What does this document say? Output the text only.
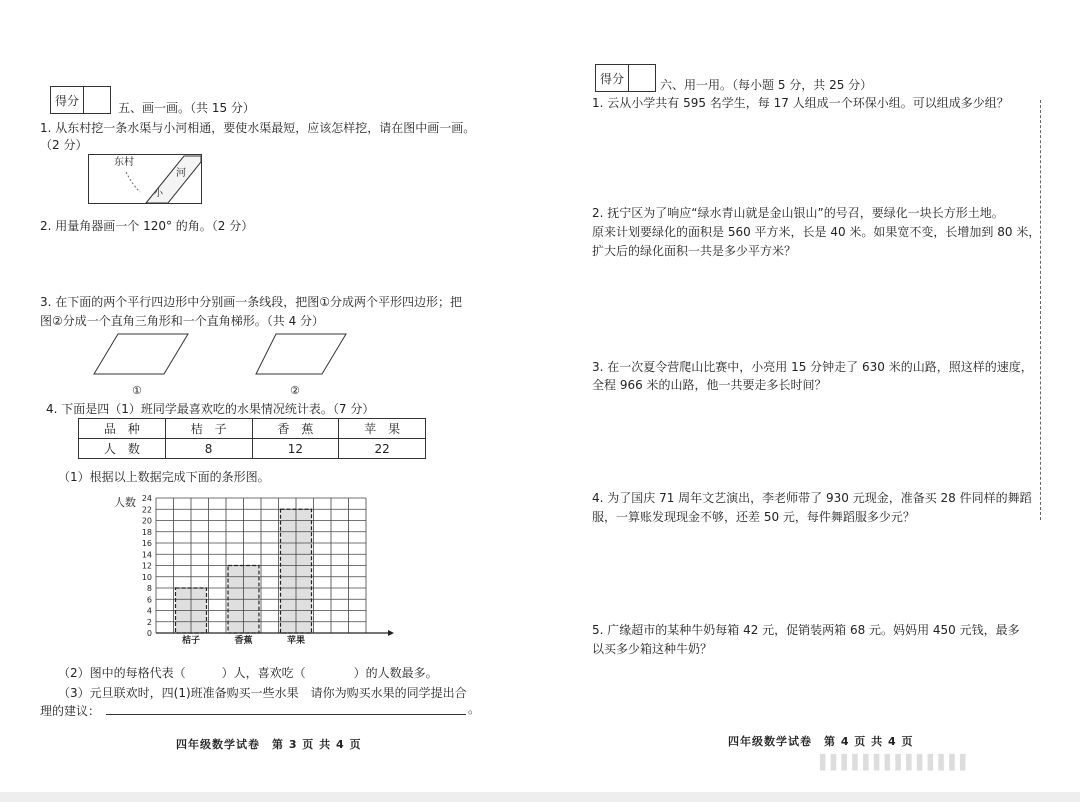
得分
五、画一画。（共 15 分）
1. 从东村挖一条水渠与小河相通，要使水渠最短，应该怎样挖，请在图中画一画。
（2 分）
东村
河
小
2. 用量角器画一个 120° 的角。（2 分）
3. 在下面的两个平行四边形中分别画一条线段，把图①分成两个平形四边形；把
图②分成一个直角三角形和一个直角梯形。（共 4 分）
①	②
4. 下面是四（1）班同学最喜欢吃的水果情况统计表。（7 分）
品　种	桔　子	香　蕉	苹　果
人　数	8	12	22
（1）根据以上数据完成下面的条形图。
人数
0
2
4
6
8
10
12
14
16
18
20
22
24
桔子	香蕉	苹果
（2）图中的每格代表（　　　）人，喜欢吃（　　　　）的人数最多。
（3）元旦联欢时，四(1)班准备购买一些水果　请你为购买水果的同学提出合
理的建议：	。
四年级数学试卷　第 3 页 共 4 页
得分	六、用一用。（每小题 5 分，共 25 分）
1. 云从小学共有 595 名学生，每 17 人组成一个环保小组。可以组成多少组？
2. 抚宁区为了响应“绿水青山就是金山银山”的号召，要绿化一块长方形土地。
原来计划要绿化的面积是 560 平方米，长是 40 米。如果宽不变，长增加到 80 米，
扩大后的绿化面积一共是多少平方米？
3. 在一次夏令营爬山比赛中，小亮用 15 分钟走了 630 米的山路，照这样的速度，
全程 966 米的山路，他一共要走多长时间？
4. 为了国庆 71 周年文艺演出，李老师带了 930 元现金，准备买 28 件同样的舞蹈
服，一算账发现现金不够，还差 50 元，每件舞蹈服多少元？
5. 广缘超市的某种牛奶每箱 42 元，促销装两箱 68 元。妈妈用 450 元钱，最多
以买多少箱这种牛奶？
四年级数学试卷　第 4 页 共 4 页
▌▌▌▌▌▌▌▌▌▌▌▌▌▌
